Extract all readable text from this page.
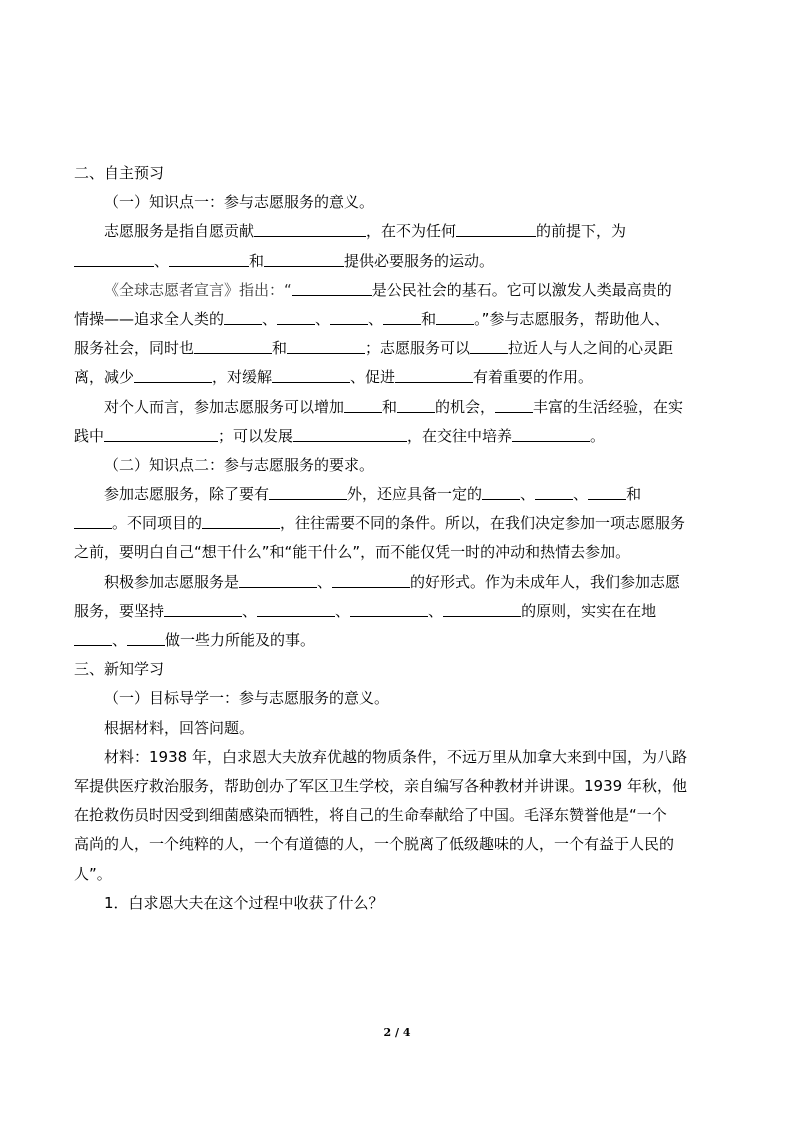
二、自主预习
（一）知识点一：参与志愿服务的意义。
志愿服务是指自愿贡献	，在不为任何	的前提下，为
、	和	提供必要服务的运动。
《全球志愿者宣言》指出：“	是公民社会的基石。它可以激发人类最高贵的
情操——追求全人类的	、	、	、	和	。”参与志愿服务，帮助他人、
服务社会，同时也	和	；志愿服务可以	拉近人与人之间的心灵距
离，减少	，对缓解	、促进	有着重要的作用。
对个人而言，参加志愿服务可以增加	和	的机会，	丰富的生活经验，在实
践中	；可以发展	，在交往中培养	。
（二）知识点二：参与志愿服务的要求。
参加志愿服务，除了要有	外，还应具备一定的	、	、	和
。不同项目的	，往往需要不同的条件。所以，在我们决定参加一项志愿服务
之前，要明白自己“想干什么”和“能干什么”，而不能仅凭一时的冲动和热情去参加。
积极参加志愿服务是	、	的好形式。作为未成年人，我们参加志愿
服务，要坚持	、	、	、	的原则，实实在在地
、	做一些力所能及的事。
三、新知学习
（一）目标导学一：参与志愿服务的意义。
根据材料，回答问题。
材料：1938 年，白求恩大夫放弃优越的物质条件，不远万里从加拿大来到中国，为八路
军提供医疗救治服务，帮助创办了军区卫生学校，亲自编写各种教材并讲课。1939 年秋，他
在抢救伤员时因受到细菌感染而牺牲，将自己的生命奉献给了中国。毛泽东赞誉他是“一个
高尚的人，一个纯粹的人，一个有道德的人，一个脱离了低级趣味的人，一个有益于人民的
人”。
1．白求恩大夫在这个过程中收获了什么？
2 / 4
